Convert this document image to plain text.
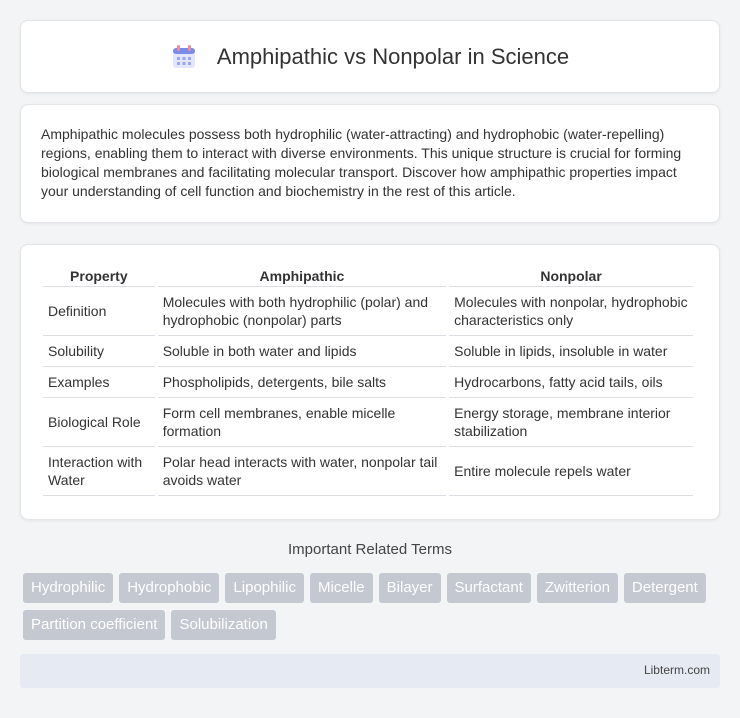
Amphipathic vs Nonpolar in Science

Amphipathic molecules possess both hydrophilic (water-attracting) and hydrophobic (water-repelling) regions, enabling them to interact with diverse environments. This unique structure is crucial for forming biological membranes and facilitating molecular transport. Discover how amphipathic properties impact your understanding of cell function and biochemistry in the rest of this article.

Property	Amphipathic	Nonpolar
Definition	Molecules with both hydrophilic (polar) and hydrophobic (nonpolar) parts	Molecules with nonpolar, hydrophobic characteristics only
Solubility	Soluble in both water and lipids	Soluble in lipids, insoluble in water
Examples	Phospholipids, detergents, bile salts	Hydrocarbons, fatty acid tails, oils
Biological Role	Form cell membranes, enable micelle formation	Energy storage, membrane interior stabilization
Interaction with Water	Polar head interacts with water, nonpolar tail avoids water	Entire molecule repels water
Important Related Terms
Hydrophilic	Hydrophobic	Lipophilic	Micelle	Bilayer	Surfactant	Zwitterion	Detergent
Partition coefficient	Solubilization
Libterm.com
